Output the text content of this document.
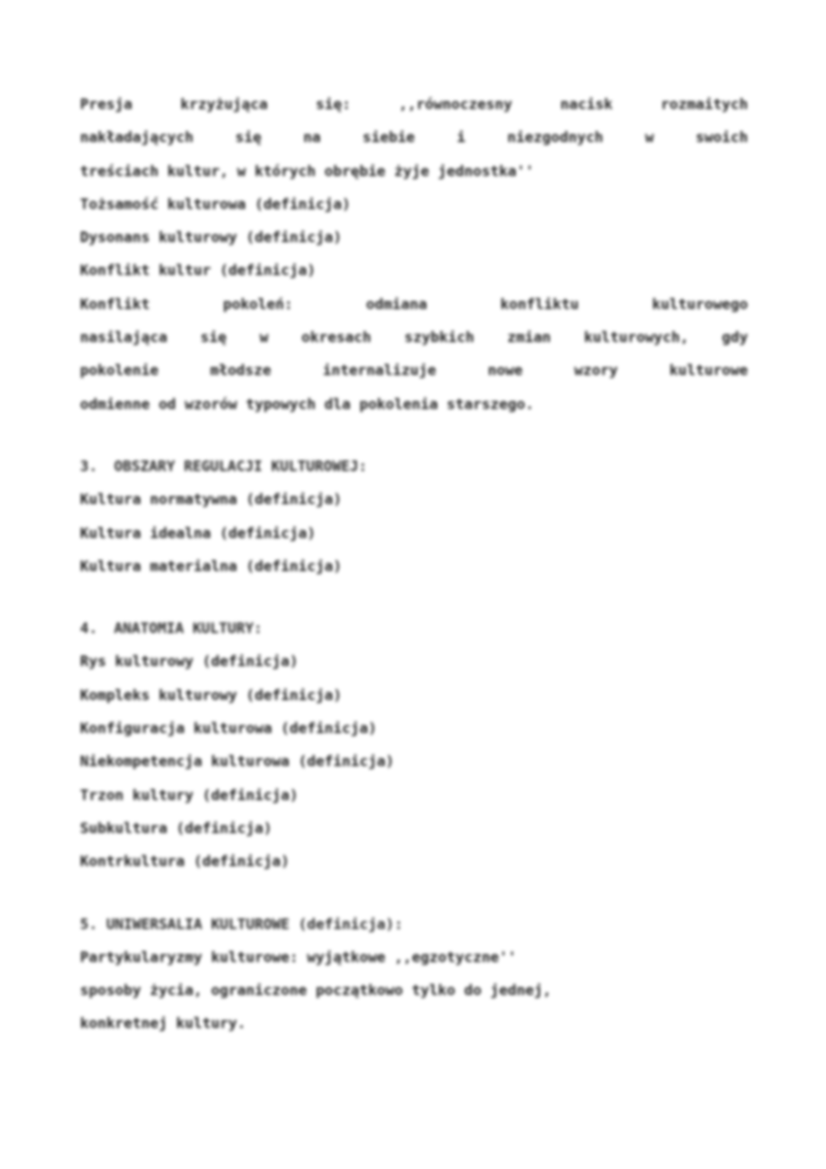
Presja krzyżująca się: ,,równoczesny nacisk rozmaitych
nakładających się na siebie i niezgodnych w swoich
treściach kultur, w których obrębie żyje jednostka''
Tożsamość kulturowa (definicja)
Dysonans kulturowy (definicja)
Konflikt kultur (definicja)
Konflikt pokoleń: odmiana konfliktu kulturowego
nasilająca się w okresach szybkich zmian kulturowych, gdy
pokolenie młodsze internalizuje nowe wzory kulturowe
odmienne od wzorów typowych dla pokolenia starszego.
3. OBSZARY REGULACJI KULTUROWEJ:
Kultura normatywna (definicja)
Kultura idealna (definicja)
Kultura materialna (definicja)
4. ANATOMIA KULTURY:
Rys kulturowy (definicja)
Kompleks kulturowy (definicja)
Konfiguracja kulturowa (definicja)
Niekompetencja kulturowa (definicja)
Trzon kultury (definicja)
Subkultura (definicja)
Kontrkultura (definicja)
5. UNIWERSALIA KULTUROWE (definicja):
Partykularyzmy kulturowe: wyjątkowe ,,egzotyczne''
sposoby życia, ograniczone początkowo tylko do jednej,
konkretnej kultury.
